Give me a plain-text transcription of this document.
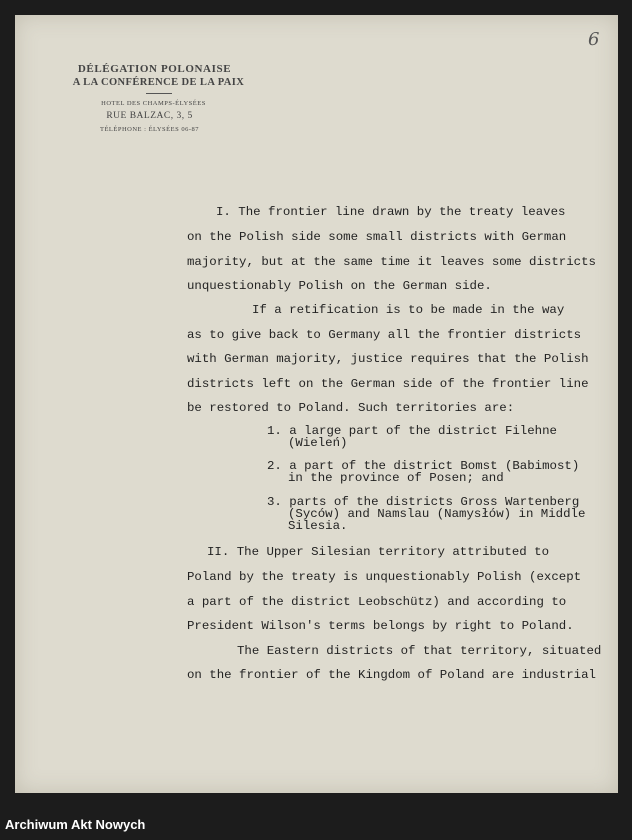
6
DÉLÉGATION POLONAISE
A LA CONFÉRENCE DE LA PAIX
HOTEL DES CHAMPS-ÉLYSÉES
RUE BALZAC, 3, 5
TÉLÉPHONE : ÉLYSÉES 06-87
I. The frontier line drawn by the treaty leaves
on the Polish side some small districts with German
majority, but at the same time it leaves some districts
unquestionably Polish on the German side.
If a retification is to be made in the way
as to give back to Germany all the frontier districts
with German majority, justice requires that the Polish
districts left on the German side of the frontier line
be restored to Poland. Such territories are:
1. a large part of the district Filehne
(Wieleń)
2. a part of the district Bomst (Babimost)
in the province of Posen; and
3. parts of the districts Gross Wartenberg
(Syców) and Namslau (Namysłów) in Middle
Silesia.
II. The Upper Silesian territory attributed to
Poland by the treaty is unquestionably Polish (except
a part of the district Leobschütz) and according to
President Wilson's terms belongs by right to Poland.
The Eastern districts of that territory, situated
on the frontier of the Kingdom of Poland are industrial
Archiwum Akt Nowych
